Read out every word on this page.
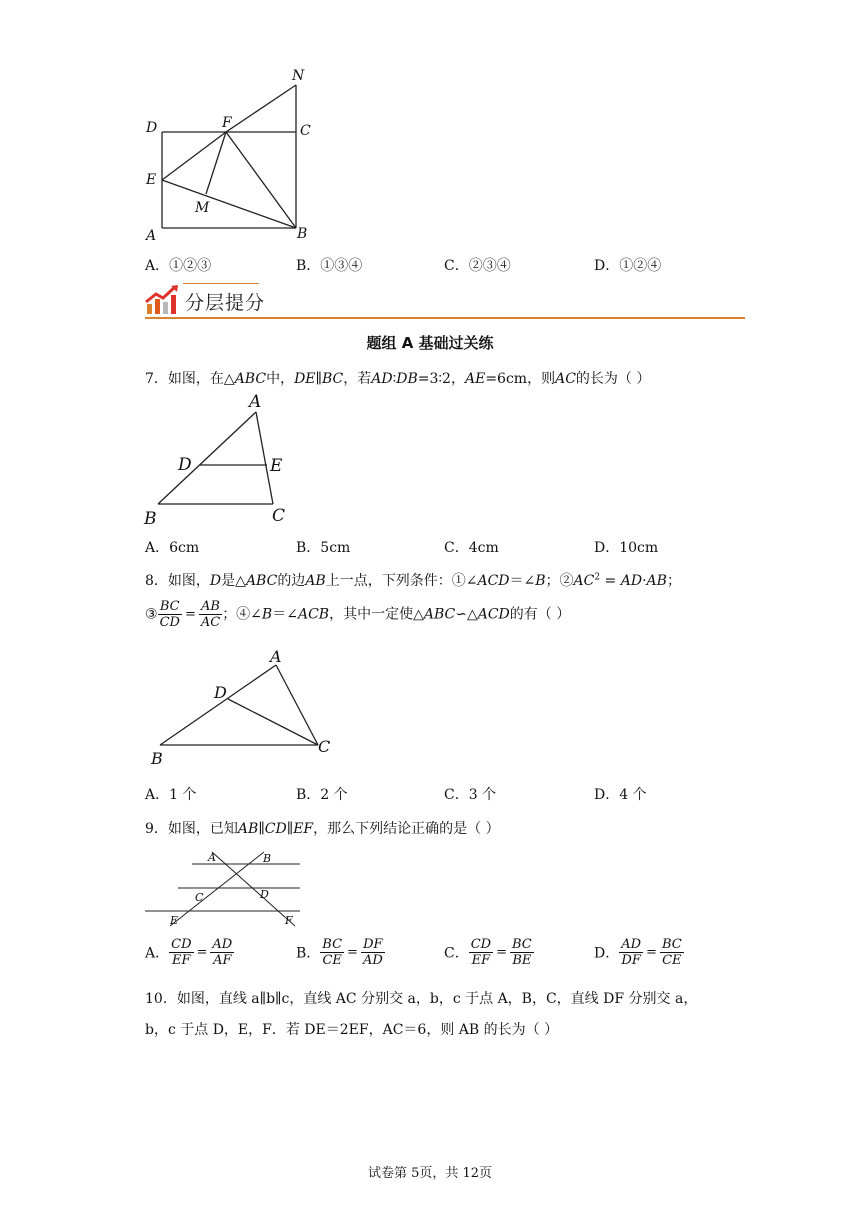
N
D	F	C
E
M
A	B
A．①②③	B．①③④	C．②③④	D．①②④
分层提分
题组 A 基础过关练
7．如图，在△ABC中，DE∥BC，若AD∶DB=3∶2，AE=6cm，则AC的长为（ ）
A
D	E
B	C
A．6cm	B．5cm	C．4cm	D．10cm
8．如图，D是△ABC的边AB上一点，下列条件：①∠ACD＝∠B；$②AC^2 = AD\cdot AB$；
③ $\frac{BC}{CD} = \frac{AB}{AC}$ ；④∠B＝∠ACB，其中一定使△ABC∽△ACD的有（ ）
A
D
B
C
A．1 个	B．2 个	C．3 个	D．4 个
9．如图，已知AB∥CD∥EF，那么下列结论正确的是（ ）
A	B
C	D
E	F
A． $\frac{CD}{EF} = \frac{AD}{AF}$	B． $\frac{BC}{CE} = \frac{DF}{AD}$	C． $\frac{CD}{EF} = \frac{BC}{BE}$	D． $\frac{AD}{DF} = \frac{BC}{CE}$
10．如图，直线 a∥b∥c，直线 AC 分别交 a，b，c 于点 A，B，C，直线 DF 分别交 a，
b，c 于点 D，E，F．若 DE＝2EF，AC＝6，则 AB 的长为（ ）
试卷第 5页，共 12页
